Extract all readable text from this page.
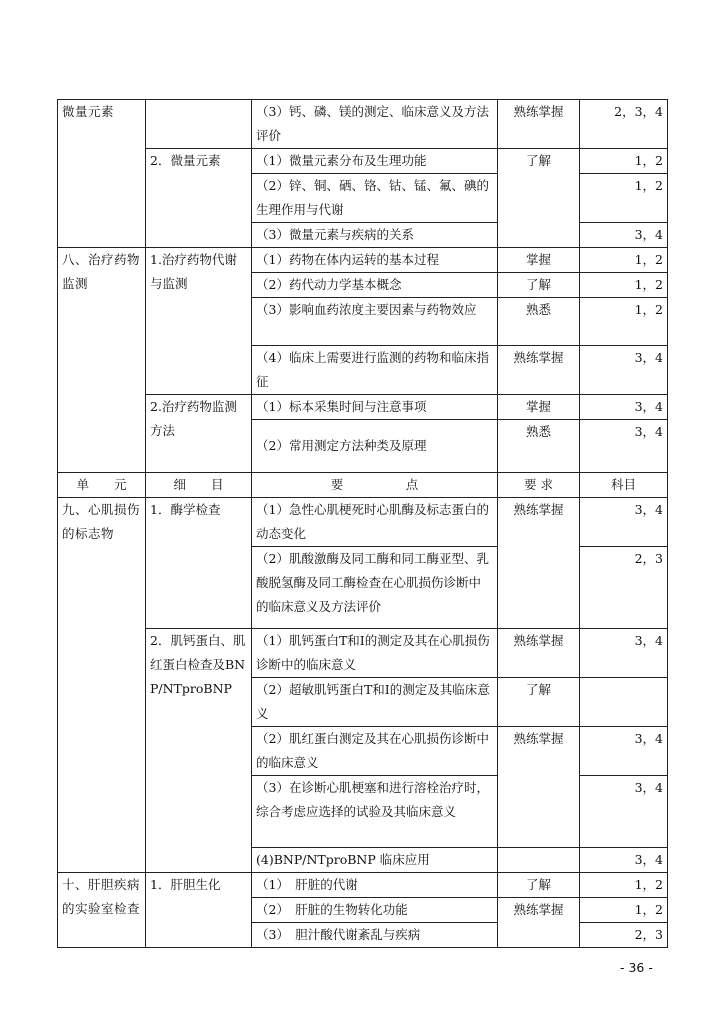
微量元素		（3）钙、磷、镁的测定、临床意义及方法评价	熟练掌握	2，3，4
	2．微量元素	（1）微量元素分布及生理功能	了解	1，2
		（2）锌、铜、硒、铬、钴、锰、氟、碘的生理作用与代谢		1，2
		（3）微量元素与疾病的关系		3，4
八、治疗药物监测	1.治疗药物代谢与监测	（1）药物在体内运转的基本过程	掌握	1，2
		（2）药代动力学基本概念	了解	1，2
		（3）影响血药浓度主要因素与药物效应	熟悉	1，2
		（4）临床上需要进行监测的药物和临床指征	熟练掌握	3，4
	2.治疗药物监测方法	（1）标本采集时间与注意事项	掌握	3，4
		（2）常用测定方法种类及原理	熟悉	3，4
单　　元	细　　目	要　　　　　点	要 求	科目
九、心肌损伤的标志物	1．酶学检查	（1）急性心肌梗死时心肌酶及标志蛋白的动态变化	熟练掌握	3，4
		（2）肌酸激酶及同工酶和同工酶亚型、乳酸脱氢酶及同工酶检查在心肌损伤诊断中的临床意义及方法评价		2，3
	2．肌钙蛋白、肌红蛋白检查及BNP/NTproBNP	（1）肌钙蛋白T和I的测定及其在心肌损伤诊断中的临床意义	熟练掌握	3，4
		（2）超敏肌钙蛋白T和I的测定及其临床意义	了解	
		（2）肌红蛋白测定及其在心肌损伤诊断中的临床意义	熟练掌握	3，4
		（3）在诊断心肌梗塞和进行溶栓治疗时，综合考虑应选择的试验及其临床意义		3，4
		(4)BNP/NTproBNP 临床应用		3，4
十、肝胆疾病的实验室检查	1．肝胆生化	（1）　肝脏的代谢	了解	1，2
		（2）　肝脏的生物转化功能	熟练掌握	1，2
		（3）　胆汁酸代谢紊乱与疾病		2，3
- 36 -
